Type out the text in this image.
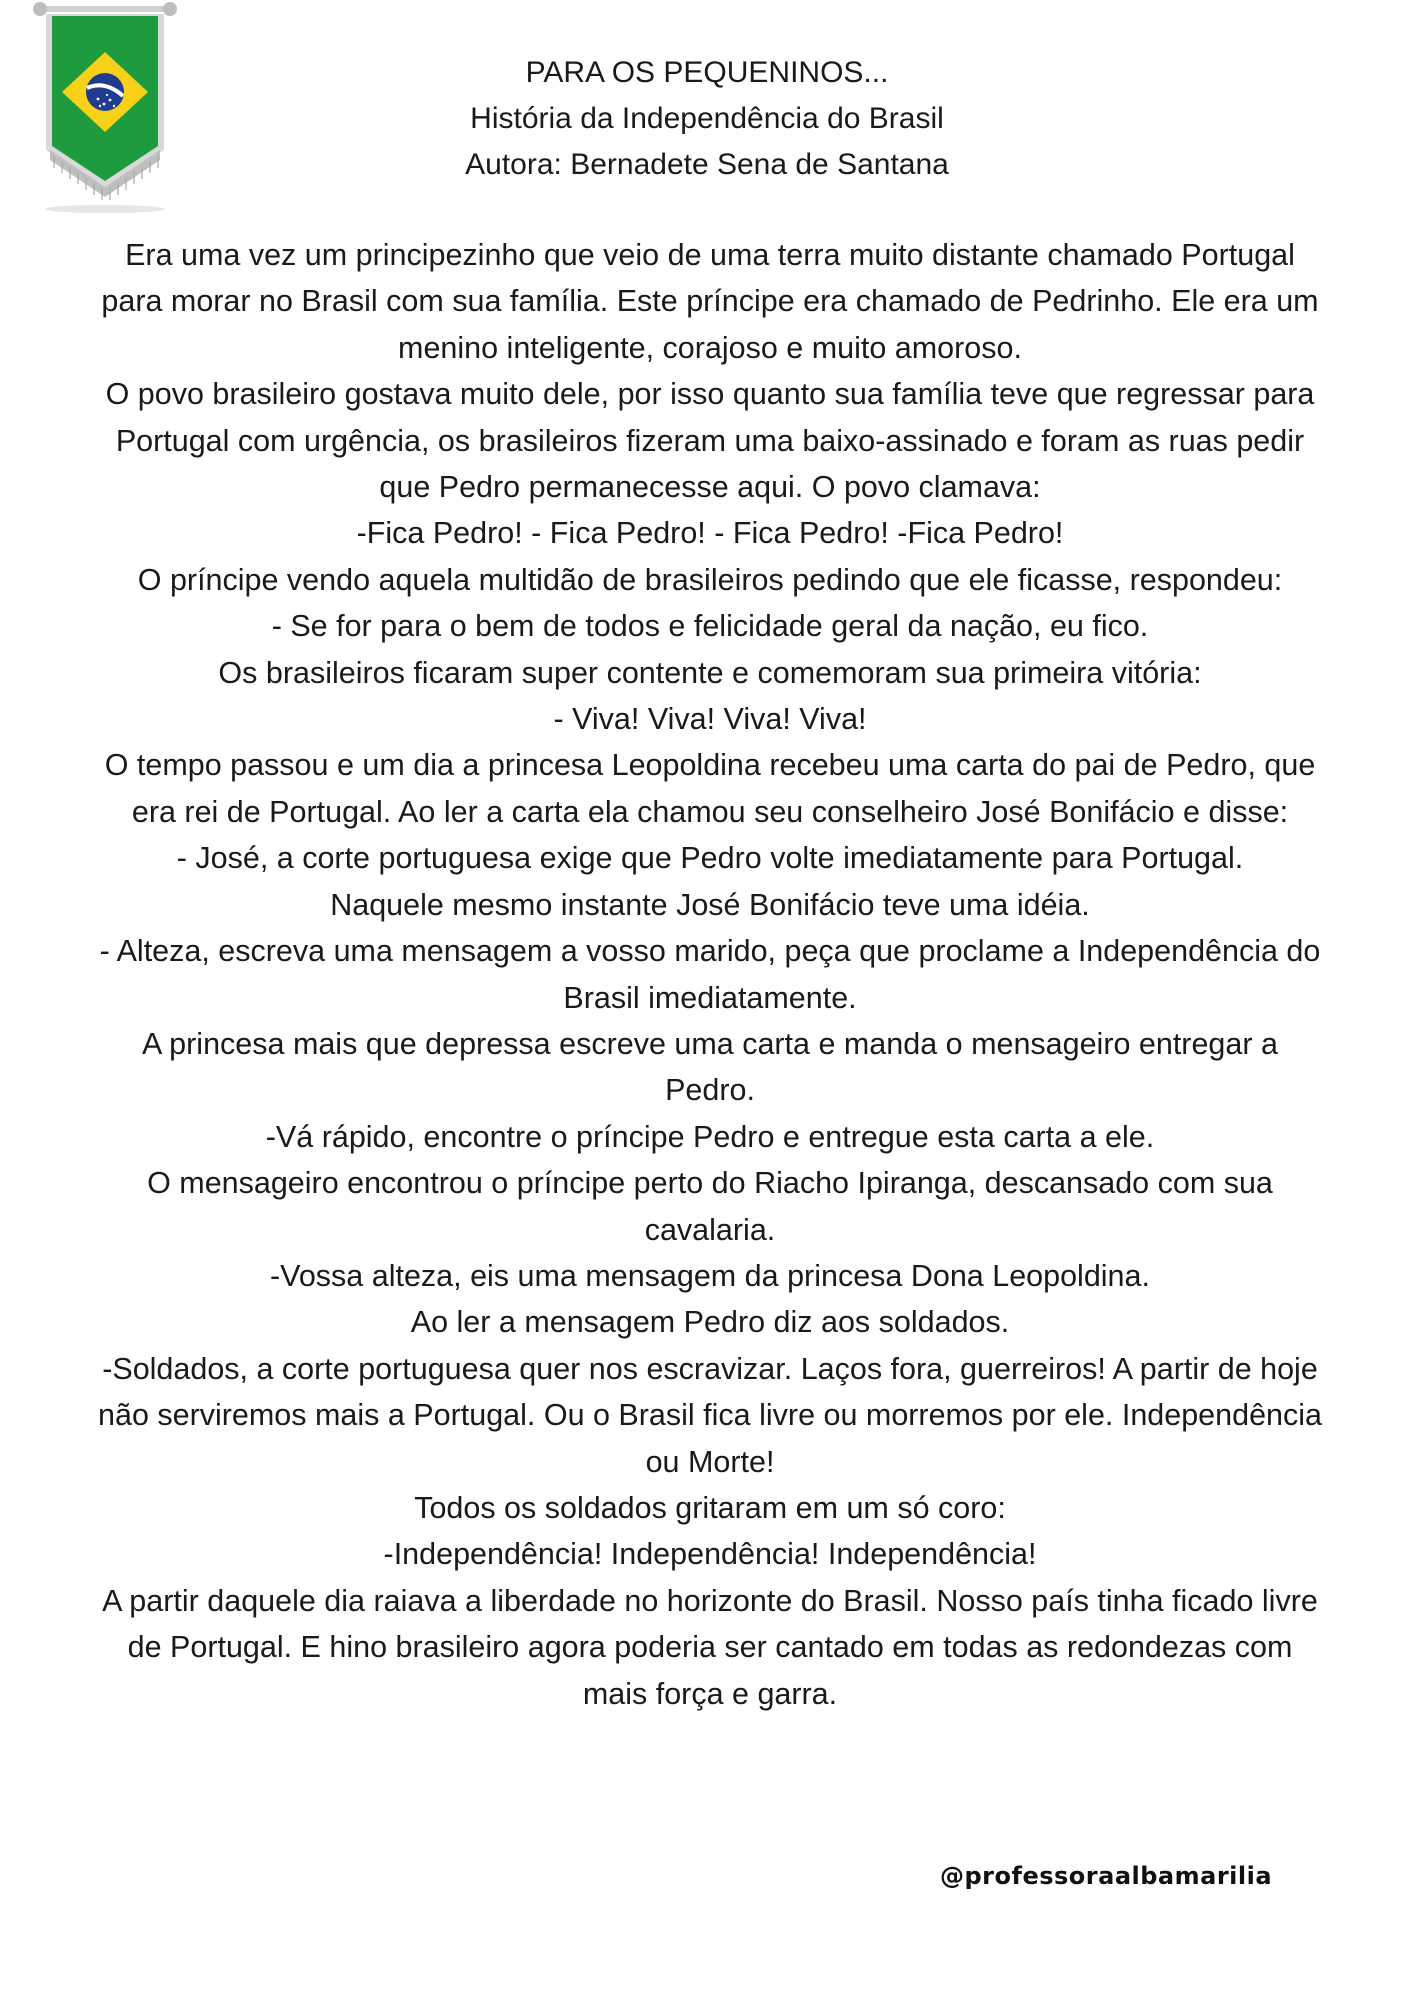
PARA OS PEQUENINOS...
História da Independência do Brasil
Autora: Bernadete Sena de Santana

Era uma vez um principezinho que veio de uma terra muito distante chamado Portugal para morar no Brasil com sua família. Este príncipe era chamado de Pedrinho. Ele era um menino inteligente, corajoso e muito amoroso.

O povo brasileiro gostava muito dele, por isso quanto sua família teve que regressar para Portugal com urgência, os brasileiros fizeram uma baixo-assinado e foram as ruas pedir que Pedro permanecesse aqui. O povo clamava:

-Fica Pedro! - Fica Pedro! - Fica Pedro! -Fica Pedro!

O príncipe vendo aquela multidão de brasileiros pedindo que ele ficasse, respondeu:

- Se for para o bem de todos e felicidade geral da nação, eu fico.

Os brasileiros ficaram super contente e comemoram sua primeira vitória:

- Viva! Viva! Viva! Viva!

O tempo passou e um dia a princesa Leopoldina recebeu uma carta do pai de Pedro, que era rei de Portugal. Ao ler a carta ela chamou seu conselheiro José Bonifácio e disse:

- José, a corte portuguesa exige que Pedro volte imediatamente para Portugal.

Naquele mesmo instante José Bonifácio teve uma idéia.

- Alteza, escreva uma mensagem a vosso marido, peça que proclame a Independência do Brasil imediatamente.

A princesa mais que depressa escreve uma carta e manda o mensageiro entregar a Pedro.

-Vá rápido, encontre o príncipe Pedro e entregue esta carta a ele.

O mensageiro encontrou o príncipe perto do Riacho Ipiranga, descansado com sua cavalaria.

-Vossa alteza, eis uma mensagem da princesa Dona Leopoldina.

Ao ler a mensagem Pedro diz aos soldados.

-Soldados, a corte portuguesa quer nos escravizar. Laços fora, guerreiros! A partir de hoje não serviremos mais a Portugal. Ou o Brasil fica livre ou morremos por ele. Independência ou Morte!

Todos os soldados gritaram em um só coro:

-Independência! Independência! Independência!

A partir daquele dia raiava a liberdade no horizonte do Brasil. Nosso país tinha ficado livre de Portugal. E hino brasileiro agora poderia ser cantado em todas as redondezas com mais força e garra.

@professoraalbamarilia
